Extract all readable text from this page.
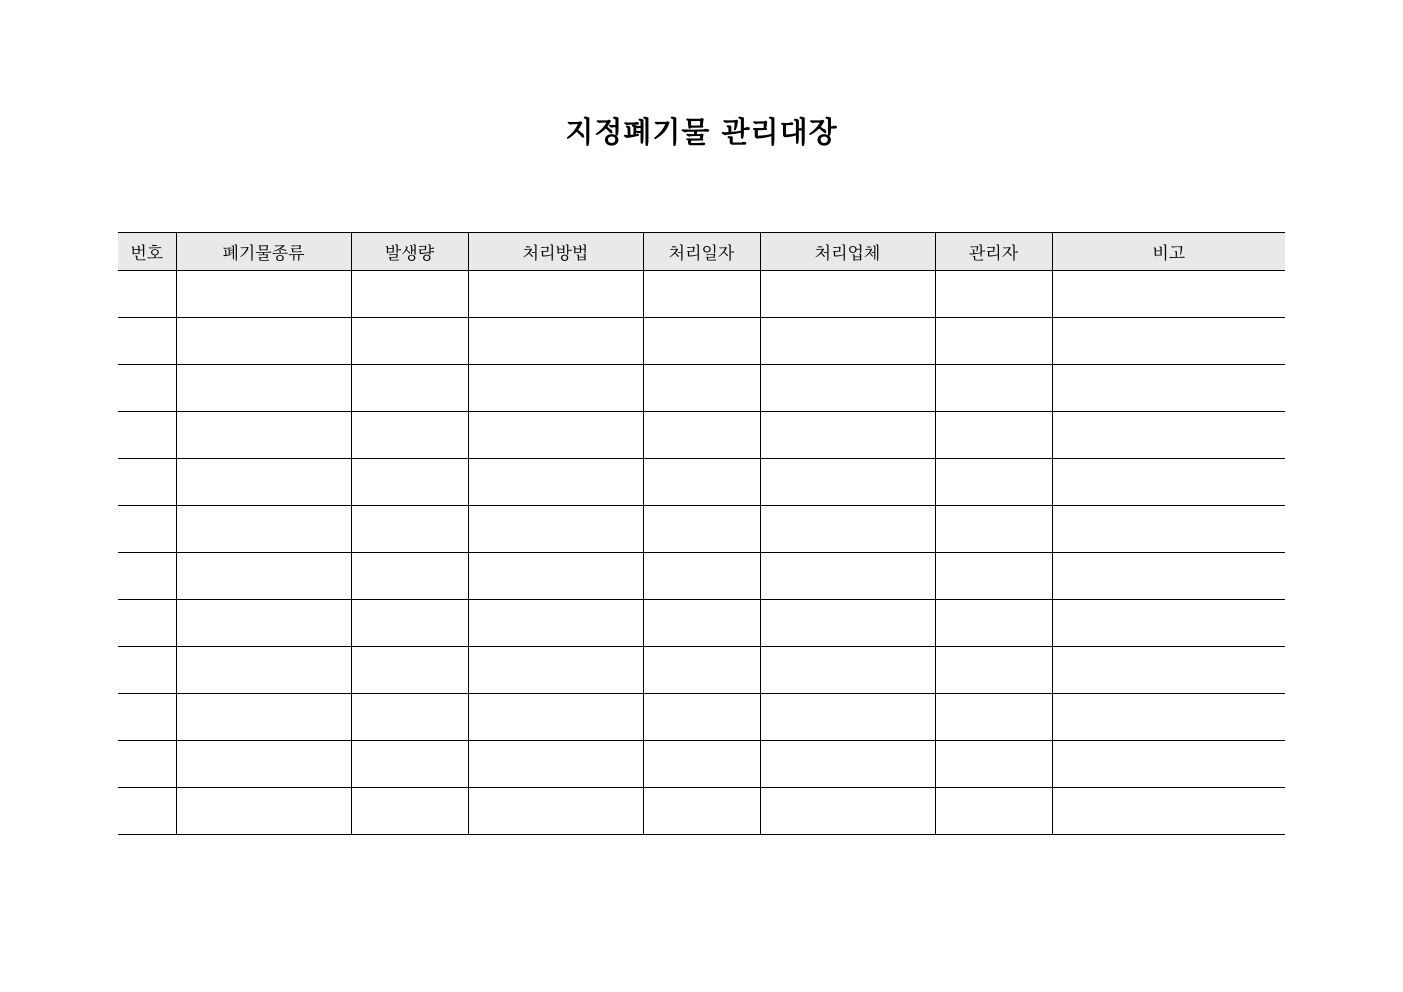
지정폐기물 관리대장
번호	폐기물종류	발생량	처리방법	처리일자	처리업체	관리자	비고
